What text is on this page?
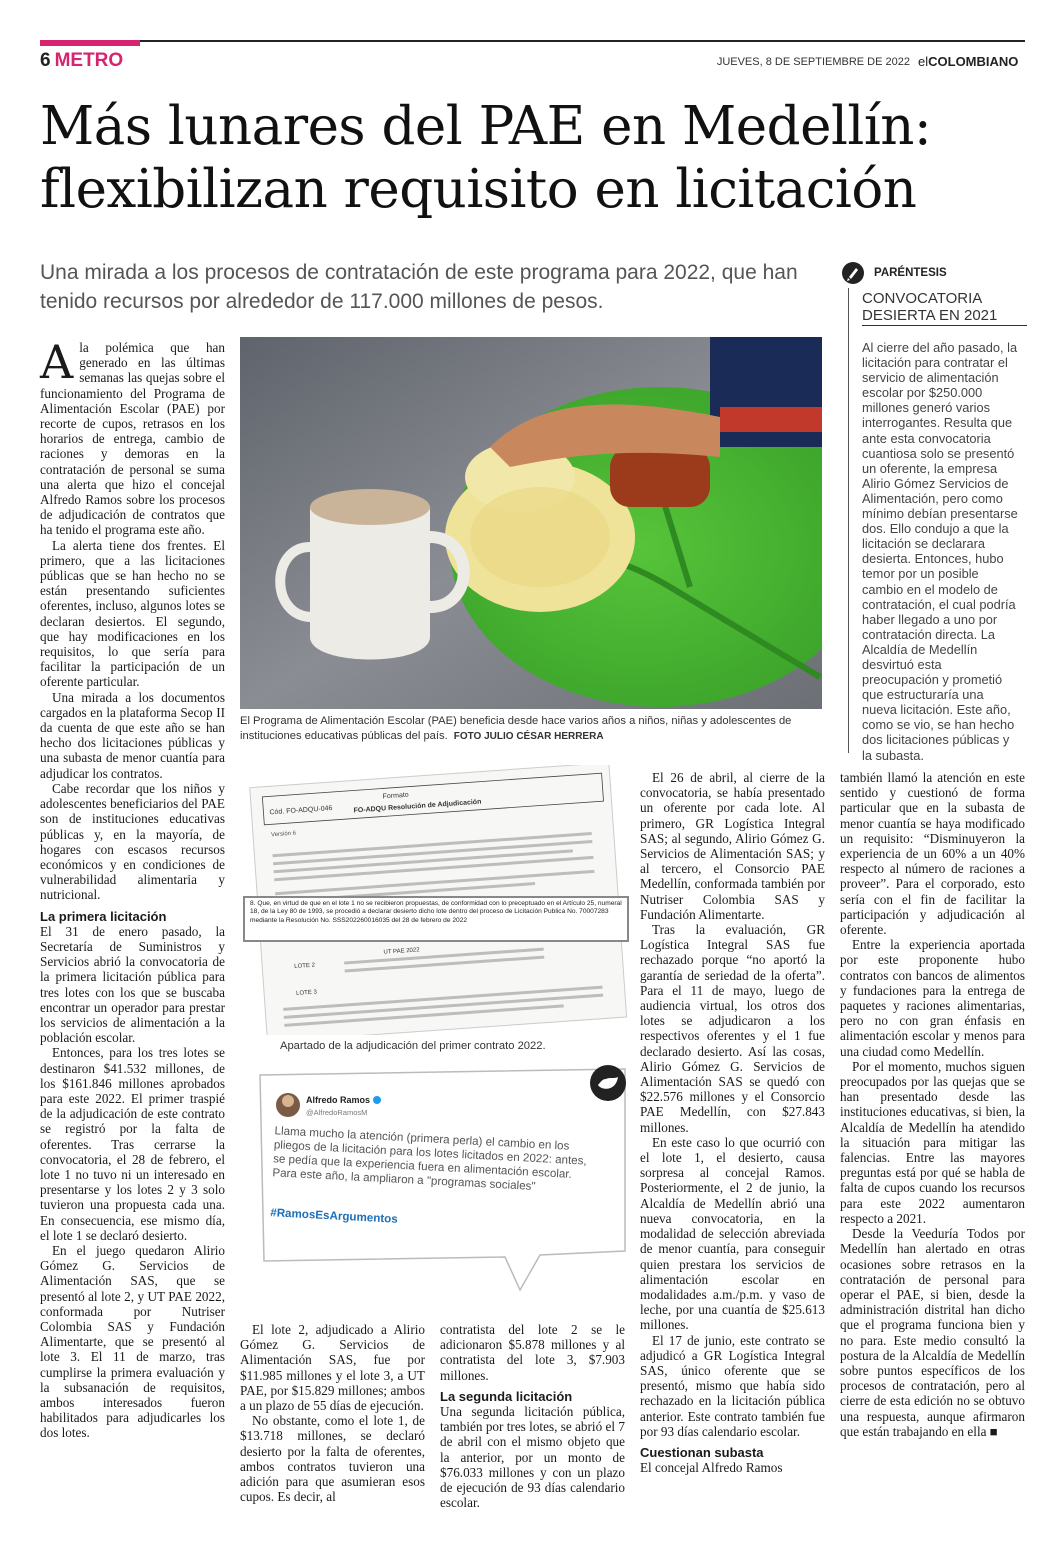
6 METRO	JUEVES, 8 DE SEPTIEMBRE DE 2022 elCOLOMBIANO
Más lunares del PAE en Medellín: flexibilizan requisito en licitación
Una mirada a los procesos de contratación de este programa para 2022, que han tenido recursos por alrededor de 117.000 millones de pesos.

Ala polémica que han generado en las últimas semanas las quejas sobre el funcionamiento del Programa de Alimentación Escolar (PAE) por recorte de cupos, retrasos en los horarios de entrega, cambio de raciones y demoras en la contratación de personal se suma una alerta que hizo el concejal Alfredo Ramos sobre los procesos de adjudicación de contratos que ha tenido el programa este año.

La alerta tiene dos frentes. El primero, que a las licitaciones públicas que se han hecho no se están presentando suficientes oferentes, incluso, algunos lotes se declaran desiertos. El segundo, que hay modificaciones en los requisitos, lo que sería para facilitar la participación de un oferente particular.

Una mirada a los documentos cargados en la plataforma Secop II da cuenta de que este año se han hecho dos licitaciones públicas y una subasta de menor cuantía para adjudicar los contratos.

Cabe recordar que los niños y adolescentes beneficiarios del PAE son de instituciones educativas públicas y, en la mayoría, de hogares con escasos recursos económicos y en condiciones de vulnerabilidad alimentaria y nutricional.

La primera licitación

El 31 de enero pasado, la Secretaría de Suministros y Servicios abrió la convocatoria de la primera licitación pública para tres lotes con los que se buscaba encontrar un operador para prestar los servicios de alimentación a la población escolar.

Entonces, para los tres lotes se destinaron $41.532 millones, de los $161.846 millones aprobados para este 2022. El primer traspié de la adjudicación de este contrato se registró por la falta de oferentes. Tras cerrarse la convocatoria, el 28 de febrero, el lote 1 no tuvo ni un interesado en presentarse y los lotes 2 y 3 solo tuvieron una propuesta cada una. En consecuencia, ese mismo día, el lote 1 se declaró desierto.

En el juego quedaron Alirio Gómez G. Servicios de Alimentación SAS, que se presentó al lote 2, y UT PAE 2022, conformada por Nutriser Colombia SAS y Fundación Alimentarte, que se presentó al lote 3. El 11 de marzo, tras cumplirse la primera evaluación y la subsanación de requisitos, ambos interesados fueron habilitados para adjudicarles los dos lotes.

El Programa de Alimentación Escolar (PAE) beneficia desde hace varios años a niños, niñas y adolescentes de instituciones educativas públicas del país. FOTO JULIO CÉSAR HERRERA
Cód. FO-ADQU-046
Formato
FO-ADQU Resolución de Adjudicación
Versión 6
LOTE 2
LOTE 3
UT PAE 2022
8. Que, en virtud de que en el lote 1 no se recibieron propuestas, de conformidad con lo preceptuado en el Artículo 25, numeral 18, de la Ley 80 de 1993, se procedió a declarar desierto dicho lote dentro del proceso de Licitación Publica No. 70007283 mediante la Resolución No. SSS202260016035 del 28 de febrero de 2022
Apartado de la adjudicación del primer contrato 2022.
Alfredo Ramos
@AlfredoRamosM
Llama mucho la atención (primera perla) el cambio en los pliegos de la licitación para los lotes licitados en 2022: antes, se pedía que la experiencia fuera en alimentación escolar. Para este año, la ampliaron a "programas sociales"
#RamosEsArgumentos

El lote 2, adjudicado a Alirio Gómez G. Servicios de Alimentación SAS, fue por $11.985 millones y el lote 3, a UT PAE, por $15.829 millones; ambos a un plazo de 55 días de ejecución.

No obstante, como el lote 1, de $13.718 millones, se declaró desierto por la falta de oferentes, ambos contratos tuvieron una adición para que asumieran esos cupos. Es decir, al

contratista del lote 2 se le adicionaron $5.878 millones y al contratista del lote 3, $7.903 millones.

La segunda licitación

Una segunda licitación pública, también por tres lotes, se abrió el 7 de abril con el mismo objeto que la anterior, por un monto de $76.033 millones y con un plazo de ejecución de 93 días calendario escolar.

El 26 de abril, al cierre de la convocatoria, se había presentado un oferente por cada lote. Al primero, GR Logística Integral SAS; al segundo, Alirio Gómez G. Servicios de Alimentación SAS; y al tercero, el Consorcio PAE Medellín, conformada también por Nutriser Colombia SAS y Fundación Alimentarte.

Tras la evaluación, GR Logística Integral SAS fue rechazado porque “no aportó la garantía de seriedad de la oferta”. Para el 11 de mayo, luego de audiencia virtual, los otros dos lotes se adjudicaron a los respectivos oferentes y el 1 fue declarado desierto. Así las cosas, Alirio Gómez G. Servicios de Alimentación SAS se quedó con $22.576 millones y el Consorcio PAE Medellín, con $27.843 millones.

En este caso lo que ocurrió con el lote 1, el desierto, causa sorpresa al concejal Ramos. Posteriormente, el 2 de junio, la Alcaldía de Medellín abrió una nueva convocatoria, en la modalidad de selección abreviada de menor cuantía, para conseguir quien prestara los servicios de alimentación escolar en modalidades a.m./p.m. y vaso de leche, por una cuantía de $25.613 millones.

El 17 de junio, este contrato se adjudicó a GR Logística Integral SAS, único oferente que se presentó, mismo que había sido rechazado en la licitación pública anterior. Este contrato también fue por 93 días calendario escolar.

Cuestionan subasta

El concejal Alfredo Ramos

también llamó la atención en este sentido y cuestionó de forma particular que en la subasta de menor cuantía se haya modificado un requisito: “Disminuyeron la experiencia de un 60% a un 40% respecto al número de raciones a proveer”. Para el corporado, esto sería con el fin de facilitar la participación y adjudicación al oferente.

Entre la experiencia aportada por este proponente hubo contratos con bancos de alimentos y fundaciones para la entrega de paquetes y raciones alimentarias, pero no con gran énfasis en alimentación escolar y menos para una ciudad como Medellín.

Por el momento, muchos siguen preocupados por las quejas que se han presentado desde las instituciones educativas, si bien, la Alcaldía de Medellín ha atendido la situación para mitigar las falencias. Entre las mayores preguntas está por qué se habla de falta de cupos cuando los recursos para este 2022 aumentaron respecto a 2021.

Desde la Veeduría Todos por Medellín han alertado en otras ocasiones sobre retrasos en la contratación de personal para operar el PAE, si bien, desde la administración distrital han dicho que el programa funciona bien y no para. Este medio consultó la postura de la Alcaldía de Medellín sobre puntos específicos de los procesos de contratación, pero al cierre de esta edición no se obtuvo una respuesta, aunque afirmaron que están trabajando en ella ■

PARÉNTESIS
CONVOCATORIA DESIERTA EN 2021
Al cierre del año pasado, la licitación para contratar el servicio de alimentación escolar por $250.000 millones generó varios interrogantes. Resulta que ante esta convocatoria cuantiosa solo se presentó un oferente, la empresa Alirio Gómez Servicios de Alimentación, pero como mínimo debían presentarse dos. Ello condujo a que la licitación se declarara desierta. Entonces, hubo temor por un posible cambio en el modelo de contratación, el cual podría haber llegado a uno por contratación directa. La Alcaldía de Medellín desvirtuó esta preocupación y prometió que estructuraría una nueva licitación. Este año, como se vio, se han hecho dos licitaciones públicas y la subasta.
